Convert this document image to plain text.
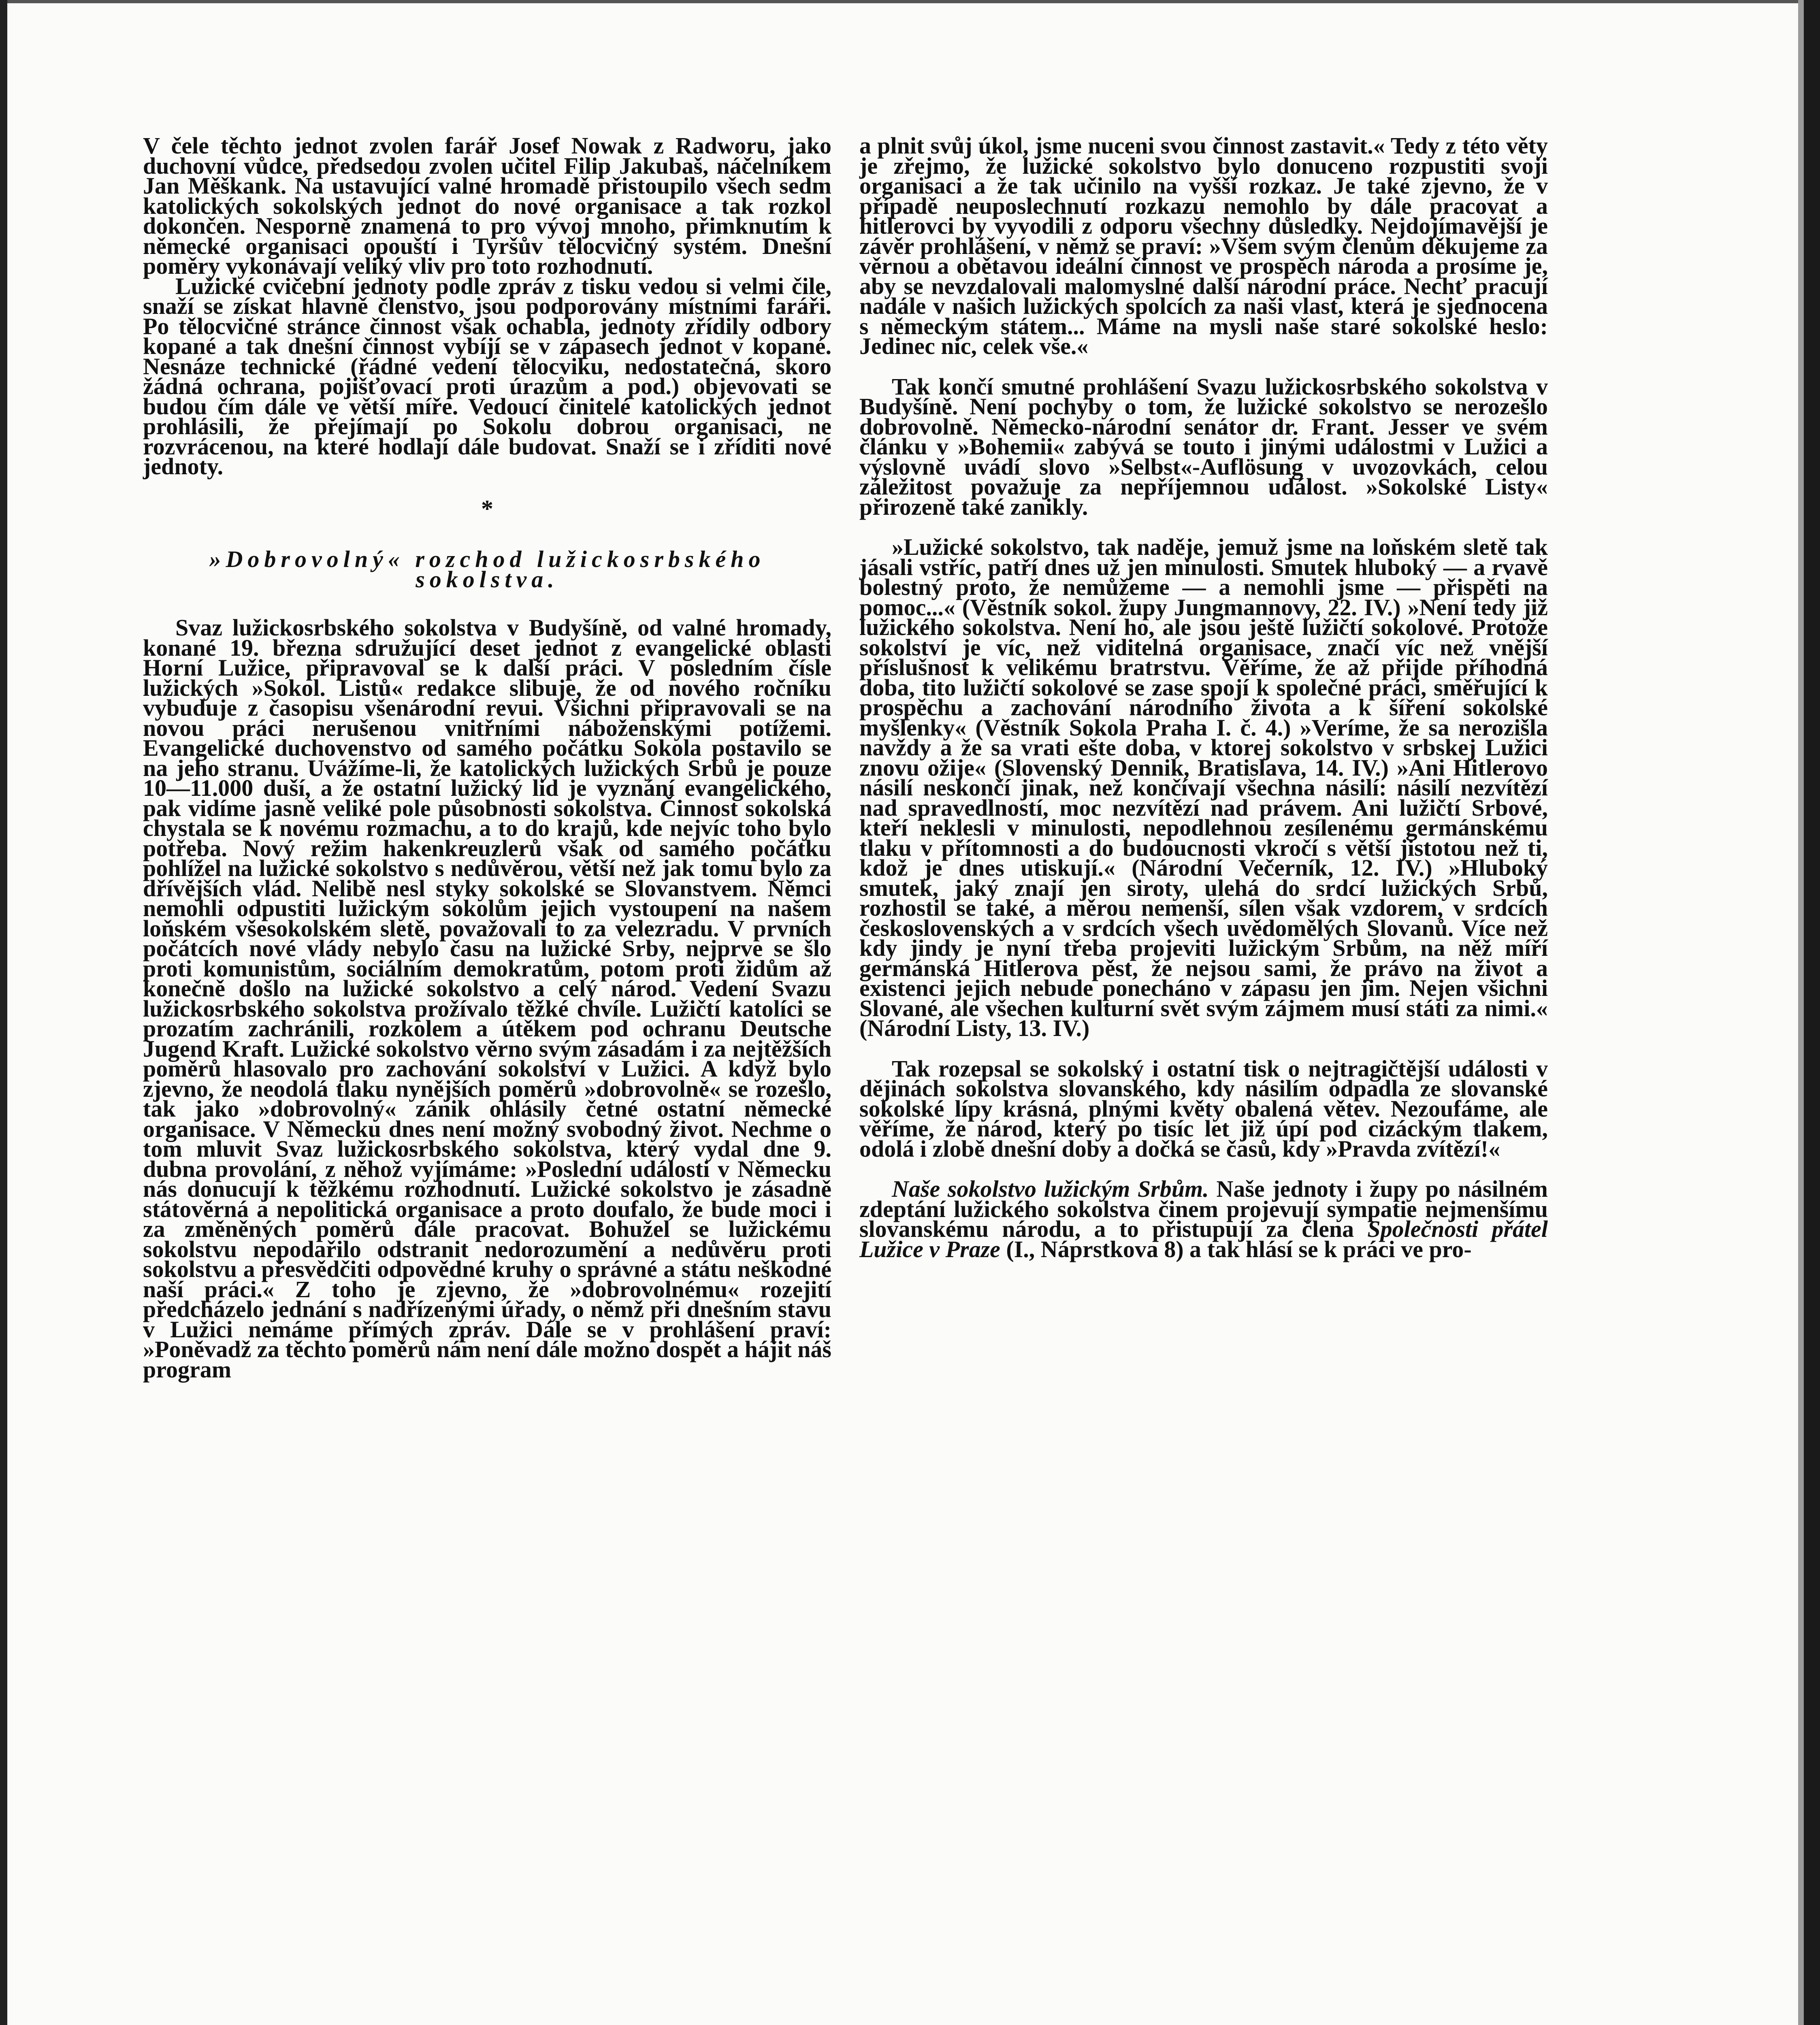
V čele těchto jednot zvolen farář Josef Nowak z Radworu, jako duchovní vůdce, předsedou zvolen učitel Filip Jakubaš, náčelníkem Jan Měškank. Na ustavující valné hromadě přistoupilo všech sedm katolických sokolských jednot do nové organisace a tak rozkol dokončen. Nesporně znamená to pro vývoj mnoho, přimknutím k německé organisaci opouští i Tyršův tělocvičný systém. Dnešní poměry vykonávají veliký vliv pro toto rozhodnutí.

Lužické cvičební jednoty podle zpráv z tisku vedou si velmi čile, snaží se získat hlavně členstvo, jsou podporovány místními faráři. Po tělocvičné stránce činnost však ochabla, jednoty zřídily odbory kopané a tak dnešní činnost vybíjí se v zápasech jednot v kopané. Nesnáze technické (řádné vedení tělocviku, nedostatečná, skoro žádná ochrana, pojišťovací proti úrazům a pod.) objevovati se budou čím dále ve větší míře. Vedoucí činitelé katolických jednot prohlásili, že přejímají po Sokolu dobrou organisaci, ne rozvrácenou, na které hodlají dále budovat. Snaží se i zříditi nové jednoty.

*
»Dobrovolný« rozchod lužickosrbského sokolstva.

Svaz lužickosrbského sokolstva v Budyšíně, od valné hromady, konané 19. března sdružující deset jednot z evangelické oblasti Horní Lužice, připravoval se k další práci. V posledním čísle lužických »Sokol. Listů« redakce slibuje, že od nového ročníku vybuduje z časopisu všenárodní revui. Všichni připravovali se na novou práci nerušenou vnitřními náboženskými potížemi. Evangelické duchovenstvo od samého počátku Sokola postavilo se na jeho stranu. Uvážíme-li, že katolických lužických Srbů je pouze 10—11.000 duší, a že ostatní lužický lid je vyznání evangelického, pak vidíme jasně veliké pole působnosti sokolstva. Činnost sokolská chystala se k novému rozmachu, a to do krajů, kde nejvíc toho bylo potřeba. Nový režim hakenkreuzlerů však od samého počátku pohlížel na lužické sokolstvo s nedůvěrou, větší než jak tomu bylo za dřívějších vlád. Nelibě nesl styky sokolské se Slovanstvem. Němci nemohli odpustiti lužickým sokolům jejich vystoupení na našem loňském všesokolském sletě, považovali to za velezradu. V prvních počátcích nové vlády nebylo času na lužické Srby, nejprve se šlo proti komunistům, sociálním demokratům, potom proti židům až konečně došlo na lužické sokolstvo a celý národ. Vedení Svazu lužickosrbského sokolstva prožívalo těžké chvíle. Lužičtí katolíci se prozatím zachránili, rozkolem a útěkem pod ochranu Deutsche Jugend Kraft. Lužické sokolstvo věrno svým zásadám i za nejtěžších poměrů hlasovalo pro zachování sokolství v Lužici. A když bylo zjevno, že neodolá tlaku nynějších poměrů »dobrovolně« se rozešlo, tak jako »dobrovolný« zánik ohlásily četné ostatní německé organisace. V Německu dnes není možný svobodný život. Nechme o tom mluvit Svaz lužickosrbského sokolstva, který vydal dne 9. dubna provolání, z něhož vyjímáme: »Poslední události v Německu nás donucují k těžkému rozhodnutí. Lužické sokolstvo je zásadně státověrná a nepolitická organisace a proto doufalo, že bude moci i za změněných poměrů dále pracovat. Bohužel se lužickému sokolstvu nepodařilo odstranit nedorozumění a nedůvěru proti sokolstvu a přesvědčiti odpovědné kruhy o správné a státu neškodné naší práci.« Z toho je zjevno, že »dobrovolnému« rozejití předcházelo jednání s nadřízenými úřady, o němž při dnešním stavu v Lužici nemáme přímých zpráv. Dále se v prohlášení praví: »Poněvadž za těchto poměrů nám není dále možno dospět a hájit náš program

a plnit svůj úkol, jsme nuceni svou činnost zastavit.« Tedy z této věty je zřejmo, že lužické sokolstvo bylo donuceno rozpustiti svoji organisaci a že tak učinilo na vyšší rozkaz. Je také zjevno, že v případě neuposlechnutí rozkazu nemohlo by dále pracovat a hitlerovci by vyvodili z odporu všechny důsledky. Nejdojímavější je závěr prohlášení, v němž se praví: »Všem svým členům děkujeme za věrnou a obětavou ideální činnost ve prospěch národa a prosíme je, aby se nevzdalovali malomyslné další národní práce. Nechť pracují nadále v našich lužických spolcích za naši vlast, která je sjednocena s německým státem... Máme na mysli naše staré sokolské heslo: Jedinec nic, celek vše.«

Tak končí smutné prohlášení Svazu lužickosrbského sokolstva v Budyšíně. Není pochyby o tom, že lužické sokolstvo se nerozešlo dobrovolně. Německo-národní senátor dr. Frant. Jesser ve svém článku v »Bohemii« zabývá se touto i jinými událostmi v Lužici a výslovně uvádí slovo »Selbst«-Auflösung v uvozovkách, celou záležitost považuje za nepříjemnou událost. »Sokolské Listy« přirozeně také zanikly.

»Lužické sokolstvo, tak naděje, jemuž jsme na loňském sletě tak jásali vstříc, patří dnes už jen minulosti. Smutek hluboký — a rvavě bolestný proto, že nemůžeme — a nemohli jsme — přispěti na pomoc...« (Věstník sokol. župy Jungmannovy, 22. IV.) »Není tedy již lužického sokolstva. Není ho, ale jsou ještě lužičtí sokolové. Protože sokolství je víc, než viditelná organisace, značí víc než vnější příslušnost k velikému bratrstvu. Věříme, že až přijde příhodná doba, tito lužičtí sokolové se zase spojí k společné práci, směřující k prospěchu a zachování národního života a k šíření sokolské myšlenky« (Věstník Sokola Praha I. č. 4.) »Veríme, že sa nerozišla navždy a že sa vrati ešte doba, v ktorej sokolstvo v srbskej Lužici znovu ožije« (Slovenský Dennik, Bratislava, 14. IV.) »Ani Hitlerovo násilí neskončí jinak, než končívají všechna násilí: násilí nezvítězí nad spravedlností, moc nezvítězí nad právem. Ani lužičtí Srbové, kteří neklesli v minulosti, nepodlehnou zesílenému germánskému tlaku v přítomnosti a do budoucnosti vkročí s větší jistotou než ti, kdož je dnes utiskují.« (Národní Večerník, 12. IV.) »Hluboký smutek, jaký znají jen siroty, ulehá do srdcí lužických Srbů, rozhostil se také, a měrou nemenší, sílen však vzdorem, v srdcích československých a v srdcích všech uvědomělých Slovanů. Více než kdy jindy je nyní třeba projeviti lužickým Srbům, na něž míří germánská Hitlerova pěst, že nejsou sami, že právo na život a existenci jejich nebude ponecháno v zápasu jen jim. Nejen všichni Slované, ale všechen kulturní svět svým zájmem musí státi za nimi.« (Národní Listy, 13. IV.)

Tak rozepsal se sokolský i ostatní tisk o nejtragičtější události v dějinách sokolstva slovanského, kdy násilím odpadla ze slovanské sokolské lípy krásná, plnými květy obalená větev. Nezoufáme, ale věříme, že národ, který po tisíc let již úpí pod cizáckým tlakem, odolá i zlobě dnešní doby a dočká se časů, kdy »Pravda zvítězí!«

Naše sokolstvo lužickým Srbům. Naše jednoty i župy po násilném zdeptání lužického sokolstva činem projevují sympatie nejmenšímu slovanskému národu, a to přistupují za člena Společnosti přátel Lužice v Praze (I., Náprstkova 8) a tak hlásí se k práci ve pro-
